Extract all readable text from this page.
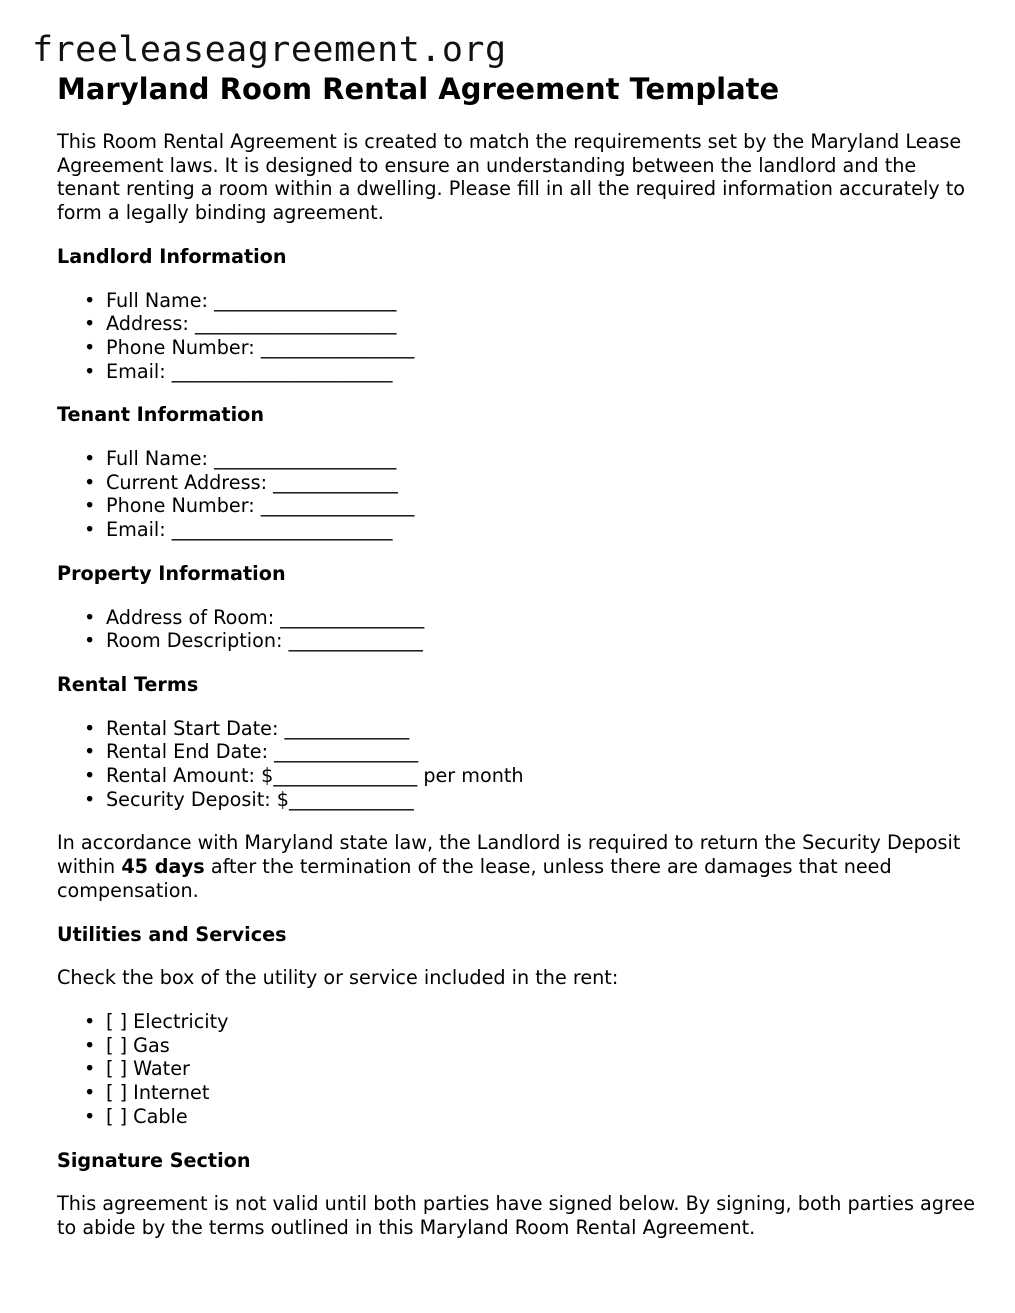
freeleaseagreement.org
Maryland Room Rental Agreement Template

This Room Rental Agreement is created to match the requirements set by the Maryland Lease Agreement laws. It is designed to ensure an understanding between the landlord and the tenant renting a room within a dwelling. Please fill in all the required information accurately to form a legally binding agreement.

Landlord Information
• Full Name: ___________________
• Address: _____________________
• Phone Number: ________________
• Email: _______________________
Tenant Information
• Full Name: ___________________
• Current Address: _____________
• Phone Number: ________________
• Email: _______________________
Property Information
• Address of Room: _______________
• Room Description: ______________
Rental Terms
• Rental Start Date: _____________
• Rental End Date: _______________
• Rental Amount: $_______________ per month
• Security Deposit: $_____________

In accordance with Maryland state law, the Landlord is required to return the Security Deposit within 45 days after the termination of the lease, unless there are damages that need compensation.

Utilities and Services

Check the box of the utility or service included in the rent:

• [ ] Electricity
• [ ] Gas
• [ ] Water
• [ ] Internet
• [ ] Cable
Signature Section

This agreement is not valid until both parties have signed below. By signing, both parties agree to abide by the terms outlined in this Maryland Room Rental Agreement.
